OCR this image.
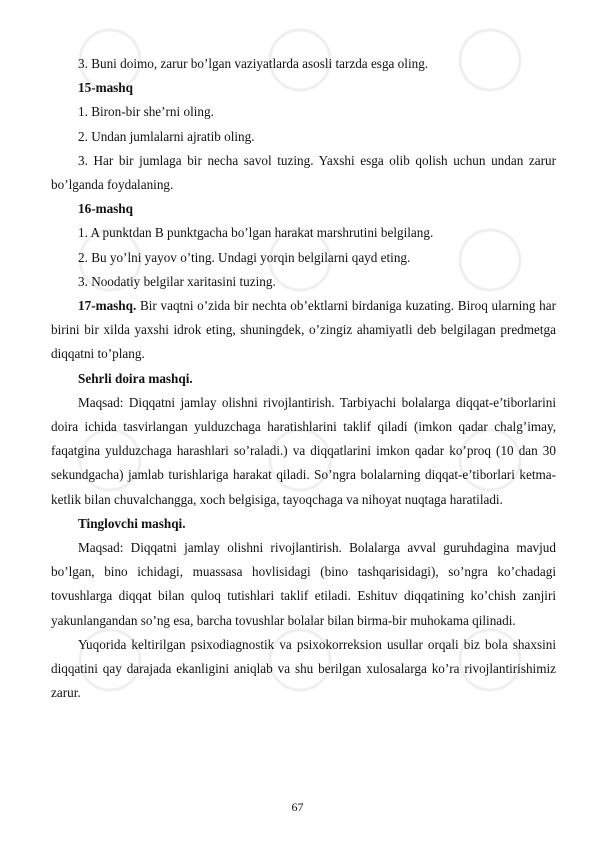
3. Buni doimo, zarur bo’lgan vaziyatlarda asosli tarzda esga oling.

15-mashq

1. Biron-bir she’rni oling.

2. Undan jumlalarni ajratib oling.

3. Har bir jumlaga bir necha savol tuzing. Yaxshi esga olib qolish uchun undan zarur bo’lganda foydalaning.

16-mashq

1. A punktdan B punktgacha bo’lgan harakat marshrutini belgilang.

2. Bu yo’lni yayov o’ting. Undagi yorqin belgilarni qayd eting.

3. Noodatiy belgilar xaritasini tuzing.

17-mashq. Bir vaqtni o’zida bir nechta ob’ektlarni birdaniga kuzating. Biroq ularning har birini bir xilda yaxshi idrok eting, shuningdek, o’zingiz ahamiyatli deb belgilagan predmetga diqqatni to’plang.

Sehrli doira mashqi.

Maqsad: Diqqatni jamlay olishni rivojlantirish. Tarbiyachi bolalarga diqqat-e’tiborlarini doira ichida tasvirlangan yulduzchaga haratishlarini taklif qiladi (imkon qadar chalg’imay, faqatgina yulduzchaga harashlari so’raladi.) va diqqatlarini imkon qadar ko’proq (10 dan 30 sekundgacha) jamlab turishlariga harakat qiladi. So’ngra bolalarning diqqat-e’tiborlari ketma-ketlik bilan chuvalchangga, xoch belgisiga, tayoqchaga va nihoyat nuqtaga haratiladi.

Tinglovchi mashqi.

Maqsad: Diqqatni jamlay olishni rivojlantirish. Bolalarga avval guruhdagina mavjud bo’lgan, bino ichidagi, muassasa hovlisidagi (bino tashqarisidagi), so’ngra ko’chadagi tovushlarga diqqat bilan quloq tutishlari taklif etiladi. Eshituv diqqatining ko’chish zanjiri yakunlangandan so’ng esa, barcha tovushlar bolalar bilan birma-bir muhokama qilinadi.

Yuqorida keltirilgan psixodiagnostik va psixokorreksion usullar orqali biz bola shaxsini diqqatini qay darajada ekanligini aniqlab va shu berilgan xulosalarga ko’ra rivojlantirishimiz zarur.

67
